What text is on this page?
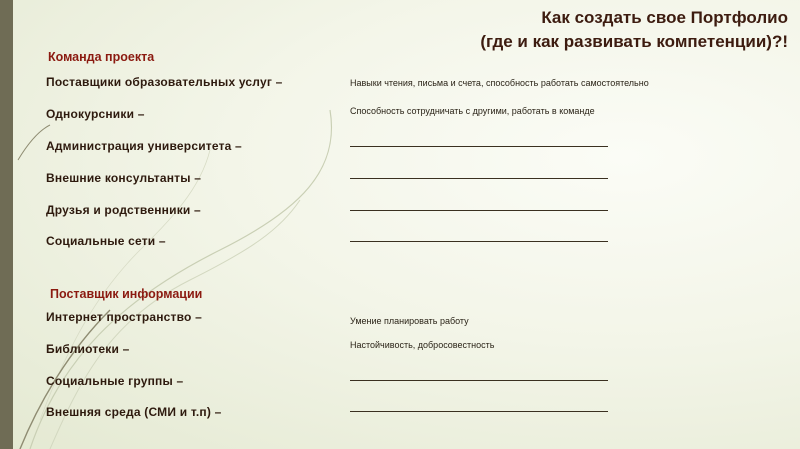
Как создать свое Портфолио
(где и как развивать компетенции)?!
Команда проекта
Поставщики образовательных услуг –	Навыки чтения, письма и счета, способность работать самостоятельно
Однокурсники –	Способность сотрудничать с другими, работать в команде
Администрация университета –
Внешние консультанты –
Друзья и родственники –
Социальные сети –
Поставщик информации
Интернет пространство –	Умение планировать работу
Библиотеки –	Настойчивость, добросовестность
Социальные группы –
Внешняя среда (СМИ и т.п) –
